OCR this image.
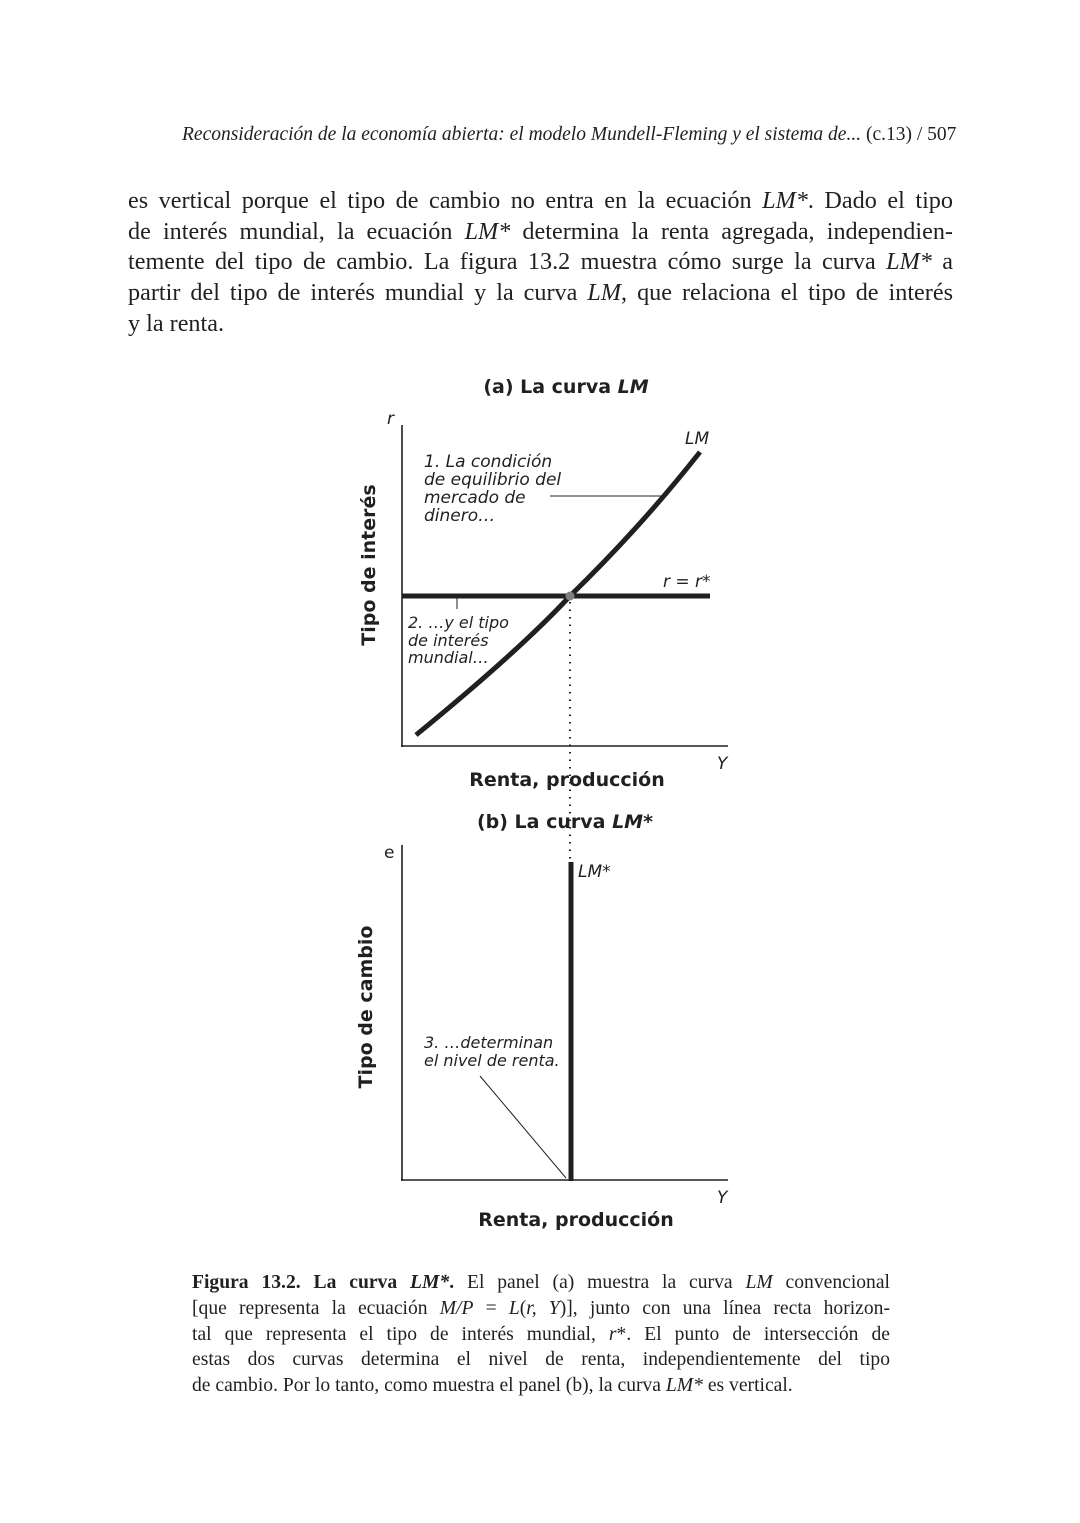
Reconsideración de la economía abierta: el modelo Mundell-Fleming y el sistema de... (c.13) / 507
es vertical porque el tipo de cambio no entra en la ecuación LM*. Dado el tipo
de interés mundial, la ecuación LM* determina la renta agregada, independien-
temente del tipo de cambio. La figura 13.2 muestra cómo surge la curva LM* a
partir del tipo de interés mundial y la curva LM, que relaciona el tipo de interés
y la renta.
(a) La curva LM
r
Y
Tipo de interés
Renta, producción
LM
r = r*
1. La condición
de equilibrio del
mercado de
dinero…
2. …y el tipo
de interés
mundial…
(b) La curva LM*
e
Y
Tipo de cambio
Renta, producción
LM*
3. …determinan
el nivel de renta.
Figura 13.2. La curva LM*. El panel (a) muestra la curva LM convencional
[que representa la ecuación M/P = L(r, Y)], junto con una línea recta horizon-
tal que representa el tipo de interés mundial, r*. El punto de intersección de
estas dos curvas determina el nivel de renta, independientemente del tipo
de cambio. Por lo tanto, como muestra el panel (b), la curva LM* es vertical.
